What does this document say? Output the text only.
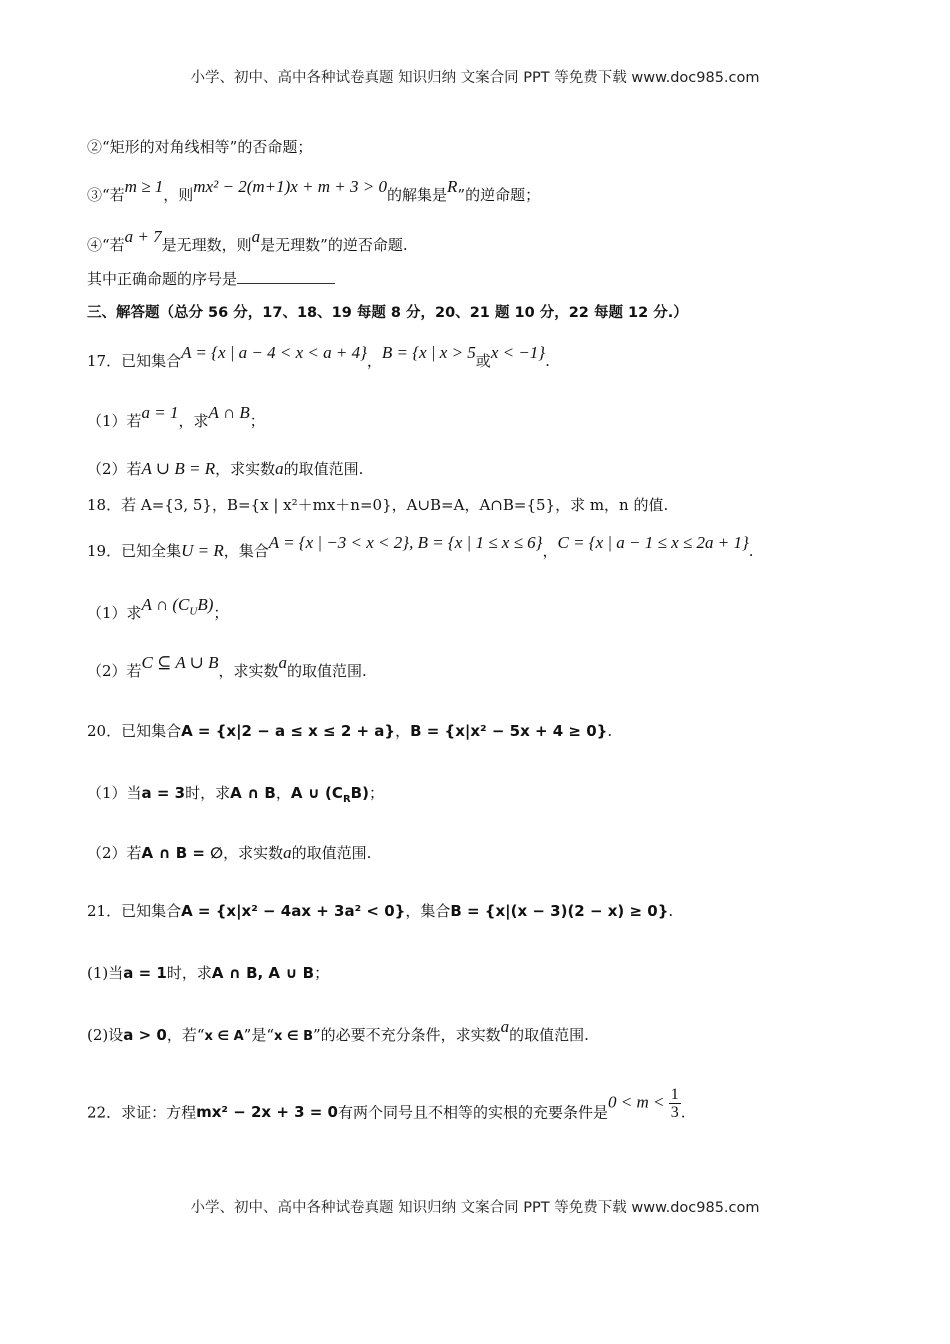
小学、初中、高中各种试卷真题 知识归纳 文案合同 PPT 等免费下载 www.doc985.com
②“矩形的对角线相等”的否命题；
③“若m ≥ 1，则mx² − 2(m+1)x + m + 3 > 0的解集是R”的逆命题；
④“若a + 7是无理数，则a是无理数”的逆否命题.
其中正确命题的序号是
三、解答题（总分 56 分，17、18、19 每题 8 分，20、21 题 10 分，22 每题 12 分.）
17．已知集合A = {x | a − 4 < x < a + 4}，B = {x | x > 5或x < −1}.
（1）若a = 1，求A ∩ B；
（2）若A ∪ B = R，求实数a的取值范围.
18．若 A={3, 5}，B={x | x²＋mx＋n=0}，A∪B=A，A∩B={5}，求 m，n 的值.
19．已知全集U = R，集合A = {x | −3 < x < 2}, B = {x | 1 ≤ x ≤ 6}，C = {x | a − 1 ≤ x ≤ 2a + 1}.
（1）求A ∩ $(C_UB)$；
（2）若C ⊆ A ∪ B，求实数a的取值范围.
20．已知集合A = {x|2 − a ≤ x ≤ 2 + a}，B = {x|x² − 5x + 4 ≥ 0}.
（1）当a = 3时，求A ∩ B，A ∪ $(C_RB)$；
（2）若A ∩ B = ∅，求实数a的取值范围.
21．已知集合A = {x|x² − 4ax + 3a² < 0}，集合B = {x|(x − 3)(2 − x) ≥ 0}.
(1)当a = 1时，求A ∩ B, A ∪ B；
(2)设a > 0，若“x ∈ A”是“x ∈ B”的必要不充分条件，求实数a的取值范围.
22．求证：方程mx² − 2x + 3 = 0有两个同号且不相等的实根的充要条件是$0 < m < \frac{1}{3}$ .
小学、初中、高中各种试卷真题 知识归纳 文案合同 PPT 等免费下载 www.doc985.com
